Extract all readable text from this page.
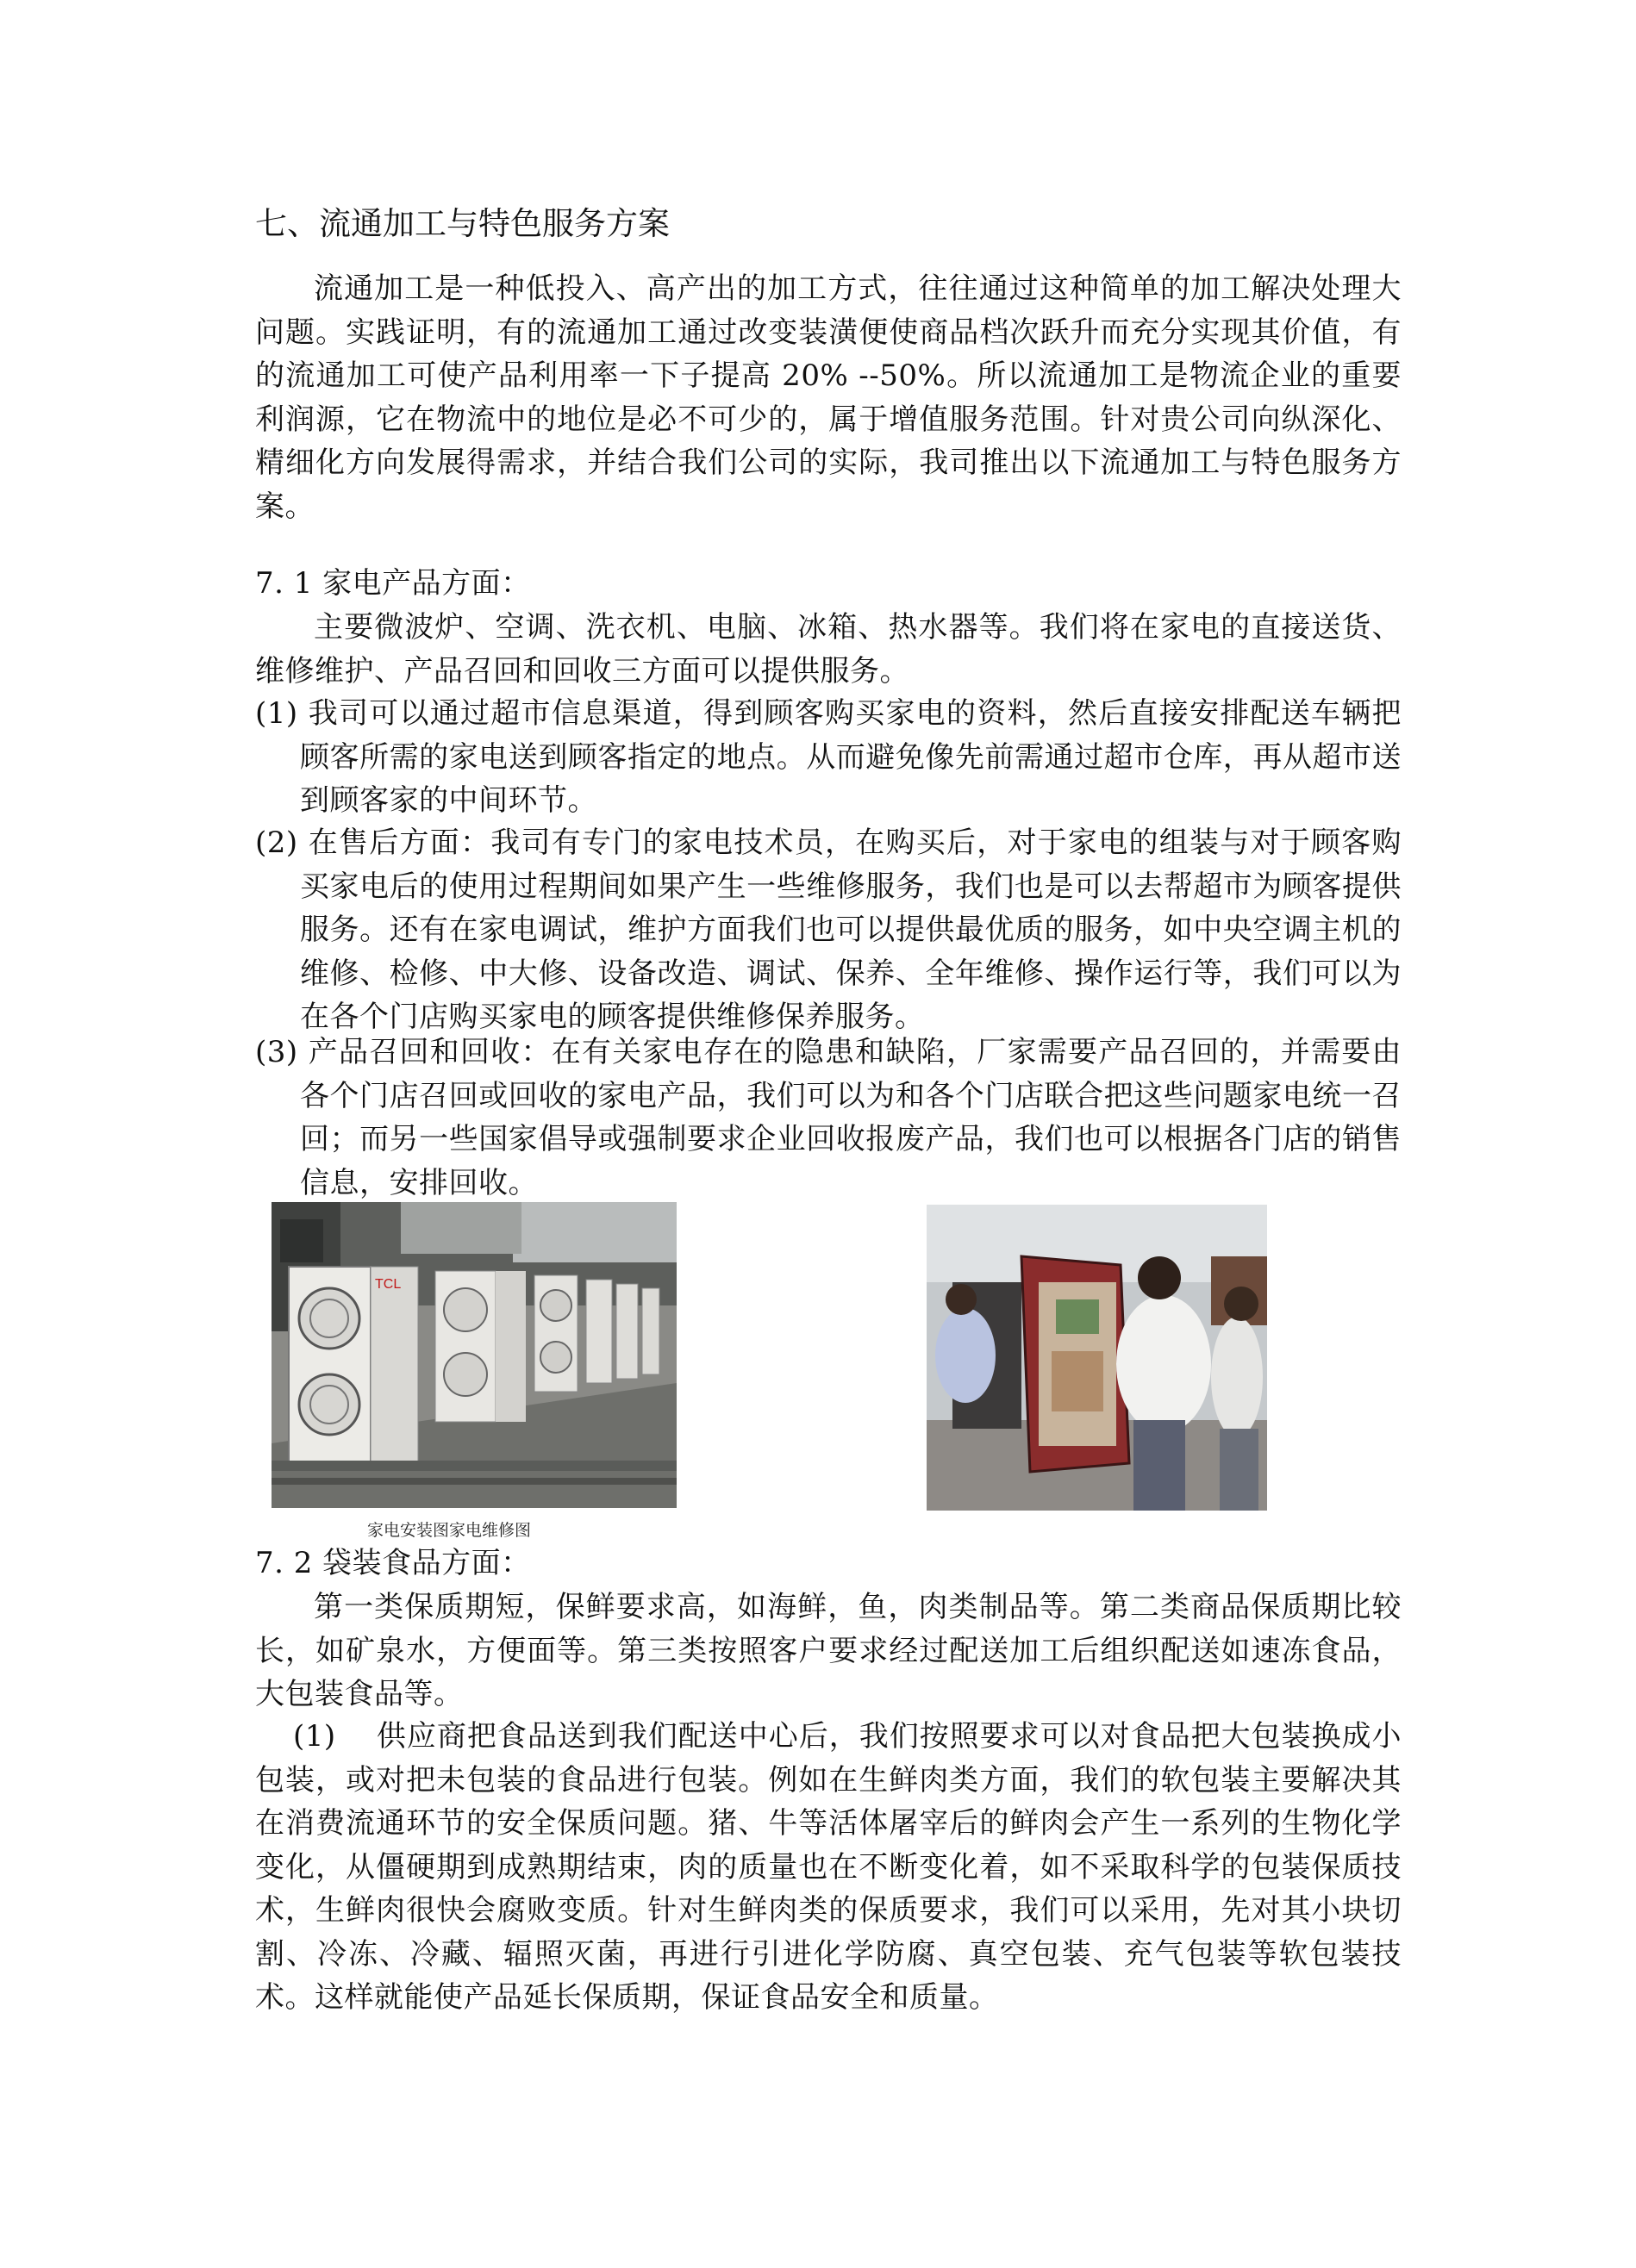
七、流通加工与特色服务方案
流通加工是一种低投入、高产出的加工方式，往往通过这种简单的加工解决处理大问题。实践证明，有的流通加工通过改变装潢便使商品档次跃升而充分实现其价值，有的流通加工可使产品利用率一下子提高 20% --50%。所以流通加工是物流企业的重要利润源，它在物流中的地位是必不可少的，属于增值服务范围。针对贵公司向纵深化、精细化方向发展得需求，并结合我们公司的实际，我司推出以下流通加工与特色服务方案。
7. 1 家电产品方面：
主要微波炉、空调、洗衣机、电脑、冰箱、热水器等。我们将在家电的直接送货、维修维护、产品召回和回收三方面可以提供服务。
(1) 我司可以通过超市信息渠道，得到顾客购买家电的资料，然后直接安排配送车辆把顾客所需的家电送到顾客指定的地点。从而避免像先前需通过超市仓库，再从超市送到顾客家的中间环节。
(2) 在售后方面：我司有专门的家电技术员，在购买后，对于家电的组装与对于顾客购买家电后的使用过程期间如果产生一些维修服务，我们也是可以去帮超市为顾客提供服务。还有在家电调试，维护方面我们也可以提供最优质的服务，如中央空调主机的维修、检修、中大修、设备改造、调试、保养、全年维修、操作运行等，我们可以为在各个门店购买家电的顾客提供维修保养服务。
(3) 产品召回和回收：在有关家电存在的隐患和缺陷，厂家需要产品召回的，并需要由各个门店召回或回收的家电产品，我们可以为和各个门店联合把这些问题家电统一召回；而另一些国家倡导或强制要求企业回收报废产品，我们也可以根据各门店的销售信息，安排回收。
TCL
家电安装图家电维修图
7. 2 袋装食品方面：
第一类保质期短，保鲜要求高，如海鲜，鱼，肉类制品等。第二类商品保质期比较长，如矿泉水，方便面等。第三类按照客户要求经过配送加工后组织配送如速冻食品，大包装食品等。
(1)　 供应商把食品送到我们配送中心后，我们按照要求可以对食品把大包装换成小包装，或对把未包装的食品进行包装。例如在生鲜肉类方面，我们的软包装主要解决其在消费流通环节的安全保质问题。猪、牛等活体屠宰后的鲜肉会产生一系列的生物化学变化，从僵硬期到成熟期结束，肉的质量也在不断变化着，如不采取科学的包装保质技术，生鲜肉很快会腐败变质。针对生鲜肉类的保质要求，我们可以采用，先对其小块切割、冷冻、冷藏、辐照灭菌，再进行引进化学防腐、真空包装、充气包装等软包装技术。这样就能使产品延长保质期，保证食品安全和质量。
